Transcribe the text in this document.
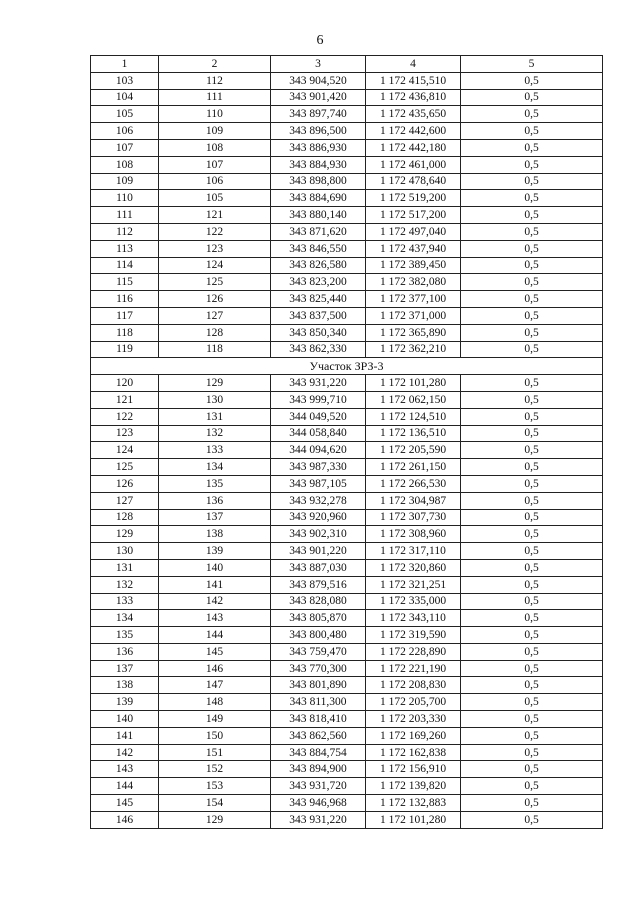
6
1	2	3	4	5
103	112	343 904,520	1 172 415,510	0,5
104	111	343 901,420	1 172 436,810	0,5
105	110	343 897,740	1 172 435,650	0,5
106	109	343 896,500	1 172 442,600	0,5
107	108	343 886,930	1 172 442,180	0,5
108	107	343 884,930	1 172 461,000	0,5
109	106	343 898,800	1 172 478,640	0,5
110	105	343 884,690	1 172 519,200	0,5
111	121	343 880,140	1 172 517,200	0,5
112	122	343 871,620	1 172 497,040	0,5
113	123	343 846,550	1 172 437,940	0,5
114	124	343 826,580	1 172 389,450	0,5
115	125	343 823,200	1 172 382,080	0,5
116	126	343 825,440	1 172 377,100	0,5
117	127	343 837,500	1 172 371,000	0,5
118	128	343 850,340	1 172 365,890	0,5
119	118	343 862,330	1 172 362,210	0,5
Участок ЗРЗ-3				
120	129	343 931,220	1 172 101,280	0,5
121	130	343 999,710	1 172 062,150	0,5
122	131	344 049,520	1 172 124,510	0,5
123	132	344 058,840	1 172 136,510	0,5
124	133	344 094,620	1 172 205,590	0,5
125	134	343 987,330	1 172 261,150	0,5
126	135	343 987,105	1 172 266,530	0,5
127	136	343 932,278	1 172 304,987	0,5
128	137	343 920,960	1 172 307,730	0,5
129	138	343 902,310	1 172 308,960	0,5
130	139	343 901,220	1 172 317,110	0,5
131	140	343 887,030	1 172 320,860	0,5
132	141	343 879,516	1 172 321,251	0,5
133	142	343 828,080	1 172 335,000	0,5
134	143	343 805,870	1 172 343,110	0,5
135	144	343 800,480	1 172 319,590	0,5
136	145	343 759,470	1 172 228,890	0,5
137	146	343 770,300	1 172 221,190	0,5
138	147	343 801,890	1 172 208,830	0,5
139	148	343 811,300	1 172 205,700	0,5
140	149	343 818,410	1 172 203,330	0,5
141	150	343 862,560	1 172 169,260	0,5
142	151	343 884,754	1 172 162,838	0,5
143	152	343 894,900	1 172 156,910	0,5
144	153	343 931,720	1 172 139,820	0,5
145	154	343 946,968	1 172 132,883	0,5
146	129	343 931,220	1 172 101,280	0,5
